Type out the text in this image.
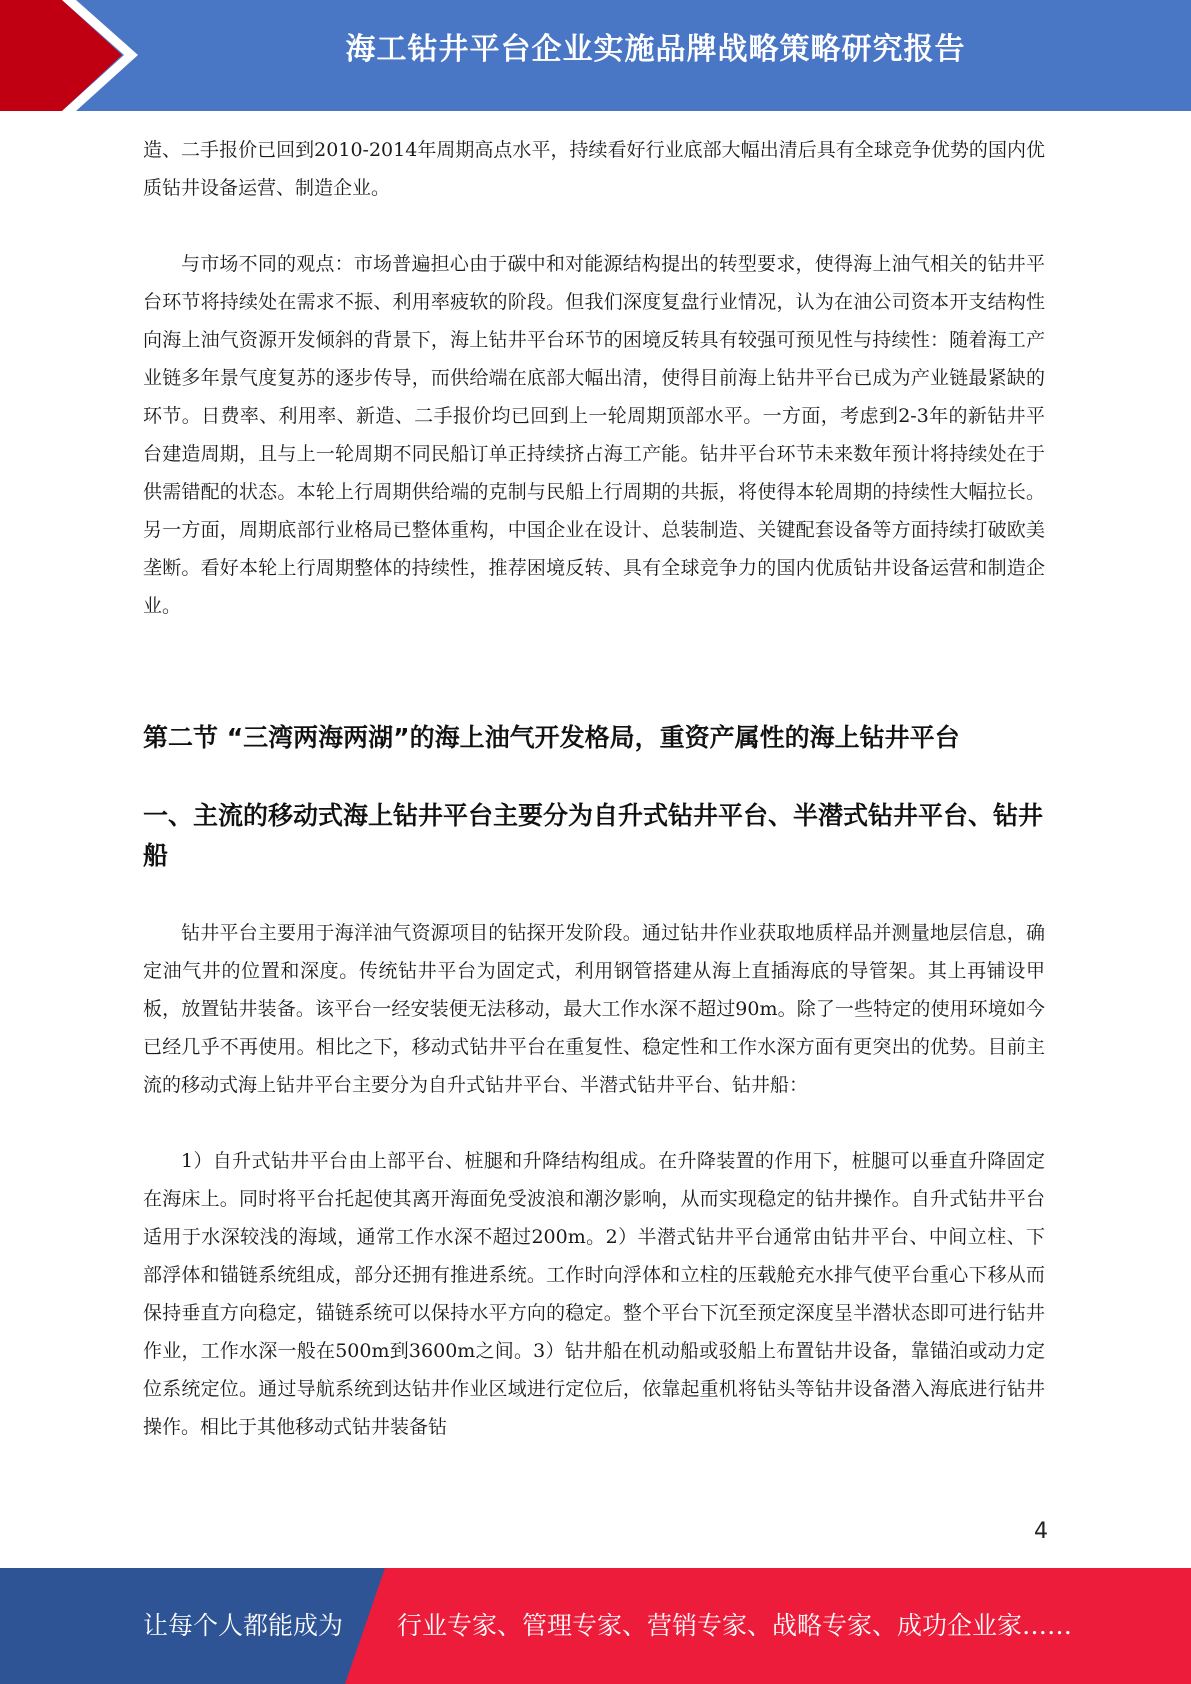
海工钻井平台企业实施品牌战略策略研究报告

造、二手报价已回到2010-2014年周期高点水平，持续看好行业底部大幅出清后具有全球竞争优势的国内优质钻井设备运营、制造企业。

与市场不同的观点：市场普遍担心由于碳中和对能源结构提出的转型要求，使得海上油气相关的钻井平台环节将持续处在需求不振、利用率疲软的阶段。但我们深度复盘行业情况，认为在油公司资本开支结构性向海上油气资源开发倾斜的背景下，海上钻井平台环节的困境反转具有较强可预见性与持续性：随着海工产业链多年景气度复苏的逐步传导，而供给端在底部大幅出清，使得目前海上钻井平台已成为产业链最紧缺的环节。日费率、利用率、新造、二手报价均已回到上一轮周期顶部水平。一方面，考虑到2-3年的新钻井平台建造周期，且与上一轮周期不同民船订单正持续挤占海工产能。钻井平台环节未来数年预计将持续处在于供需错配的状态。本轮上行周期供给端的克制与民船上行周期的共振，将使得本轮周期的持续性大幅拉长。另一方面，周期底部行业格局已整体重构，中国企业在设计、总装制造、关键配套设备等方面持续打破欧美垄断。看好本轮上行周期整体的持续性，推荐困境反转、具有全球竞争力的国内优质钻井设备运营和制造企业。

第二节 “三湾两海两湖”的海上油气开发格局，重资产属性的海上钻井平台
一、主流的移动式海上钻井平台主要分为自升式钻井平台、半潜式钻井平台、钻井船

钻井平台主要用于海洋油气资源项目的钻探开发阶段。通过钻井作业获取地质样品并测量地层信息，确定油气井的位置和深度。传统钻井平台为固定式，利用钢管搭建从海上直插海底的导管架。其上再铺设甲板，放置钻井装备。该平台一经安装便无法移动，最大工作水深不超过90m。除了一些特定的使用环境如今已经几乎不再使用。相比之下，移动式钻井平台在重复性、稳定性和工作水深方面有更突出的优势。目前主流的移动式海上钻井平台主要分为自升式钻井平台、半潜式钻井平台、钻井船：

1）自升式钻井平台由上部平台、桩腿和升降结构组成。在升降装置的作用下，桩腿可以垂直升降固定在海床上。同时将平台托起使其离开海面免受波浪和潮汐影响，从而实现稳定的钻井操作。自升式钻井平台适用于水深较浅的海域，通常工作水深不超过200m。2）半潜式钻井平台通常由钻井平台、中间立柱、下部浮体和锚链系统组成，部分还拥有推进系统。工作时向浮体和立柱的压载舱充水排气使平台重心下移从而保持垂直方向稳定，锚链系统可以保持水平方向的稳定。整个平台下沉至预定深度呈半潜状态即可进行钻井作业，工作水深一般在500m到3600m之间。3）钻井船在机动船或驳船上布置钻井设备，靠锚泊或动力定位系统定位。通过导航系统到达钻井作业区域进行定位后，依靠起重机将钻头等钻井设备潜入海底进行钻井操作。相比于其他移动式钻井装备钻

4
让每个人都能成为 行业专家、管理专家、营销专家、战略专家、成功企业家……
